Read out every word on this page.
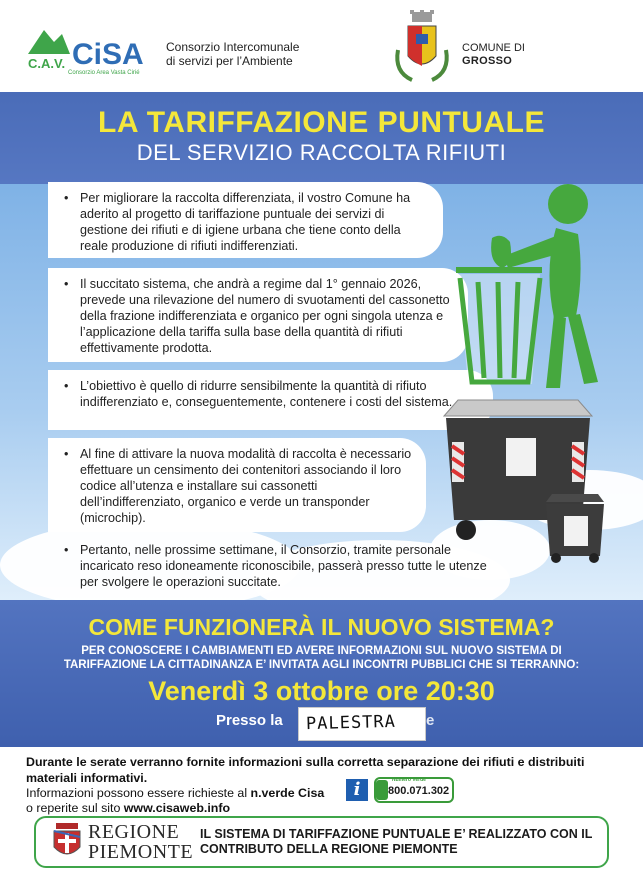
C.A.V. CiSA
Consorzio Area Vasta Cirié
Consorzio Intercomunale
di servizi per l’Ambiente
COMUNE DI
GROSSO
LA TARIFFAZIONE PUNTUALE
DEL SERVIZIO RACCOLTA RIFIUTI

• Per migliorare la raccolta differenziata, il vostro Comune ha aderito al progetto di tariffazione puntuale dei servizi di gestione dei rifiuti e di igiene urbana che tiene conto della reale produzione di rifiuti indifferenziati.

• Il succitato sistema, che andrà a regime dal 1° gennaio 2026, prevede una rilevazione del numero di svuotamenti del cassonetto della frazione indifferenziata e organico per ogni singola utenza e l’applicazione della tariffa sulla base della quantità di rifiuti effettivamente prodotta.

• L’obiettivo è quello di ridurre sensibilmente la quantità di rifiuto indifferenziato e, conseguentemente, contenere i costi del sistema.

• Al fine di attivare la nuova modalità di raccolta è necessario effettuare un censimento dei contenitori associando il loro codice all’utenza e installare sui cassonetti dell’indifferenziato, organico e verde un transponder (microchip).

• Pertanto, nelle prossime settimane, il Consorzio, tramite personale incaricato reso idoneamente riconoscibile, passerà presso tutte le utenze per svolgere le operazioni succitate.
COME FUNZIONERÀ IL NUOVO SISTEMA?
PER CONOSCERE I CAMBIAMENTI ED AVERE INFORMAZIONI SUL NUOVO SISTEMA DI TARIFFAZIONE LA CITTADINANZA E’ INVITATA AGLI INCONTRI PUBBLICI CHE SI TERRANNO:
Venerdì 3 ottobre ore 20:30
Presso la PALESTRA e
Durante le serate verranno fornite informazioni sulla corretta separazione dei rifiuti e distribuiti materiali informativi.
Informazioni possono essere richieste al n.verde Cisa
o reperite sul sito www.cisaweb.info
i	Numero Verde
800.071.302
REGIONE
PIEMONTE
IL SISTEMA DI TARIFFAZIONE PUNTUALE E’ REALIZZATO CON IL CONTRIBUTO DELLA REGIONE PIEMONTE
